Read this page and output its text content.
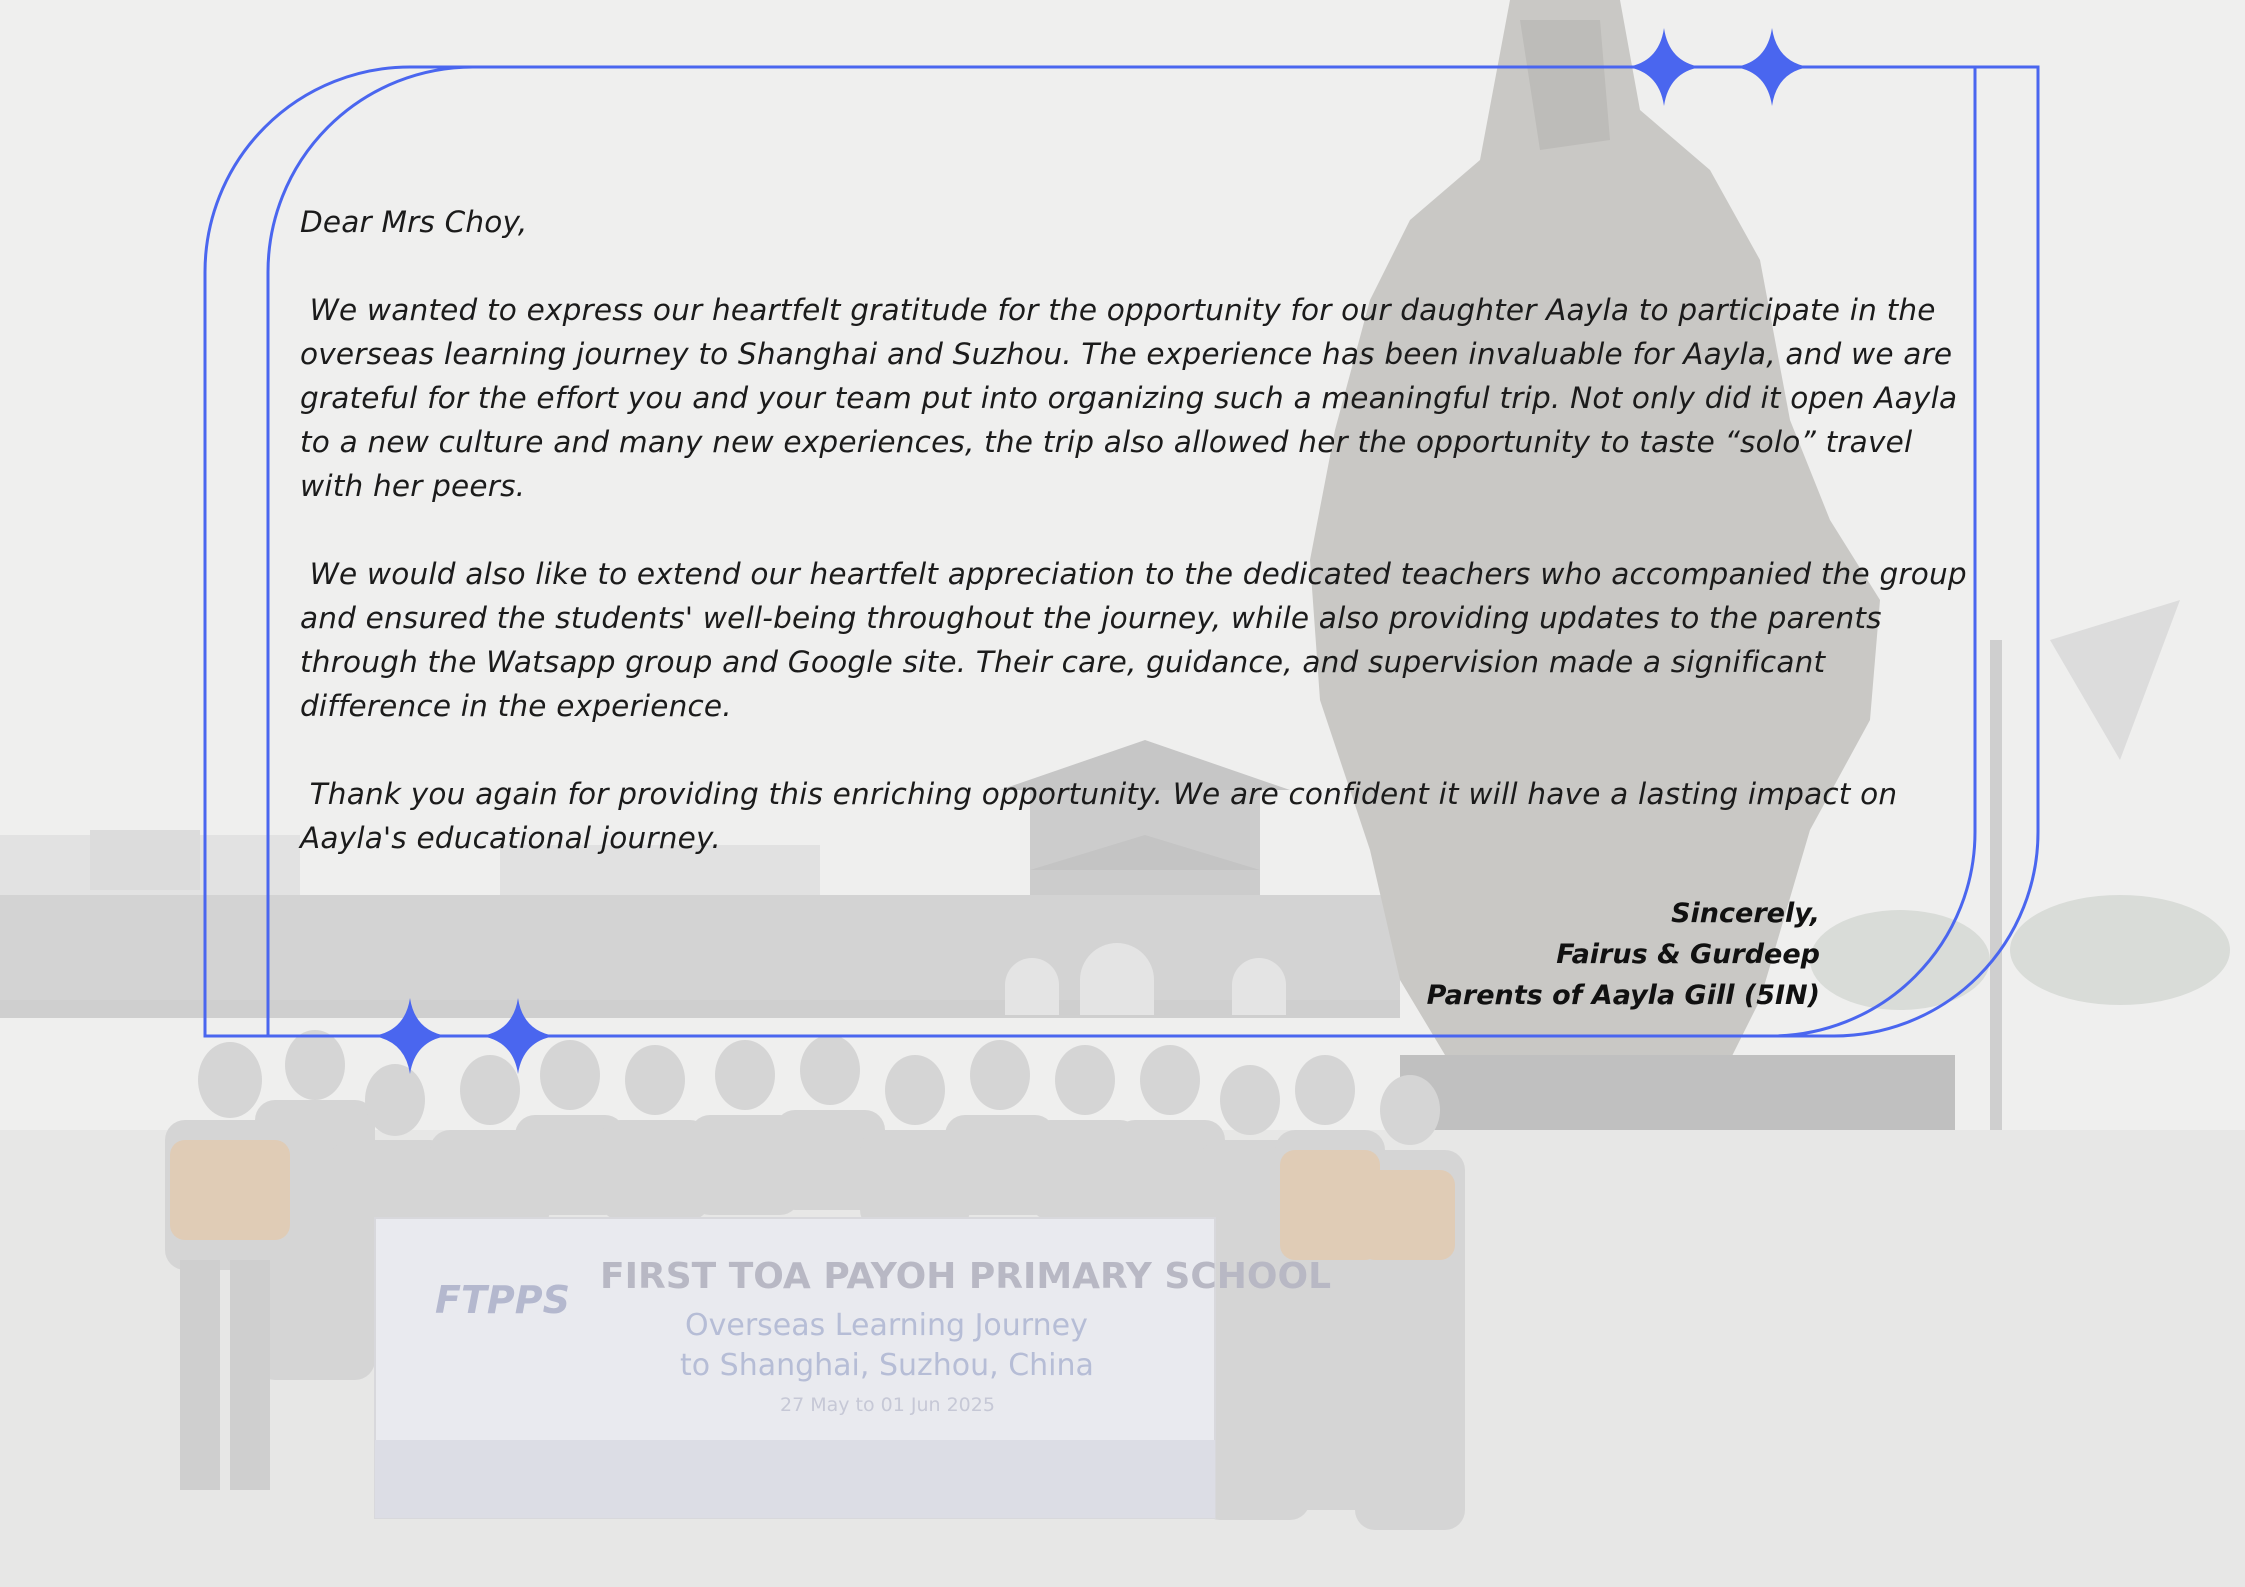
FTPPS
FIRST TOA PAYOH PRIMARY SCHOOL
Overseas Learning Journey
to Shanghai, Suzhou, China
27 May to 01 Jun 2025

Dear Mrs Choy,

We wanted to express our heartfelt gratitude for the opportunity for our daughter Aayla to participate in the overseas learning journey to Shanghai and Suzhou. The experience has been invaluable for Aayla, and we are grateful for the effort you and your team put into organizing such a meaningful trip. Not only did it open Aayla to a new culture and many new experiences, the trip also allowed her the opportunity to taste “solo” travel with her peers.

We would also like to extend our heartfelt appreciation to the dedicated teachers who accompanied the group and ensured the students' well-being throughout the journey, while also providing updates to the parents through the Watsapp group and Google site. Their care, guidance, and supervision made a significant difference in the experience.

Thank you again for providing this enriching opportunity. We are confident it will have a lasting impact on Aayla's educational journey.

Sincerely,
Fairus & Gurdeep
Parents of Aayla Gill (5IN)
